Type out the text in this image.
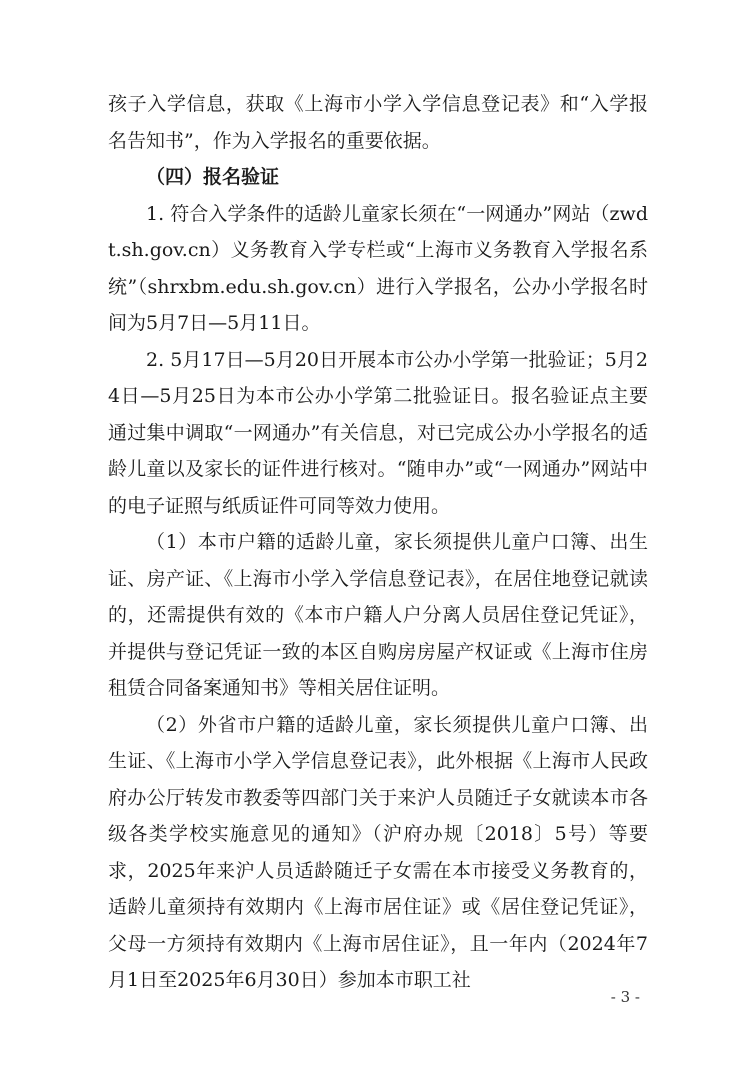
孩子入学信息，获取《上海市小学入学信息登记表》和“入学报名告知书”，作为入学报名的重要依据。

（四）报名验证

1. 符合入学条件的适龄儿童家长须在“一网通办”网站（zwdt.sh.gov.cn）义务教育入学专栏或“上海市义务教育入学报名系统”（shrxbm.edu.sh.gov.cn）进行入学报名，公办小学报名时间为5月7日—5月11日。

2. 5月17日—5月20日开展本市公办小学第一批验证；5月24日—5月25日为本市公办小学第二批验证日。报名验证点主要通过集中调取“一网通办”有关信息，对已完成公办小学报名的适龄儿童以及家长的证件进行核对。“随申办”或“一网通办”网站中的电子证照与纸质证件可同等效力使用。

（1）本市户籍的适龄儿童，家长须提供儿童户口簿、出生证、房产证、《上海市小学入学信息登记表》，在居住地登记就读的，还需提供有效的《本市户籍人户分离人员居住登记凭证》，并提供与登记凭证一致的本区自购房房屋产权证或《上海市住房租赁合同备案通知书》等相关居住证明。

（2）外省市户籍的适龄儿童，家长须提供儿童户口簿、出生证、《上海市小学入学信息登记表》，此外根据《上海市人民政府办公厅转发市教委等四部门关于来沪人员随迁子女就读本市各级各类学校实施意见的通知》（沪府办规〔2018〕5号）等要求，2025年来沪人员适龄随迁子女需在本市接受义务教育的，适龄儿童须持有效期内《上海市居住证》或《居住登记凭证》，父母一方须持有效期内《上海市居住证》，且一年内（2024年7月1日至2025年6月30日）参加本市职工社

- 3 -
